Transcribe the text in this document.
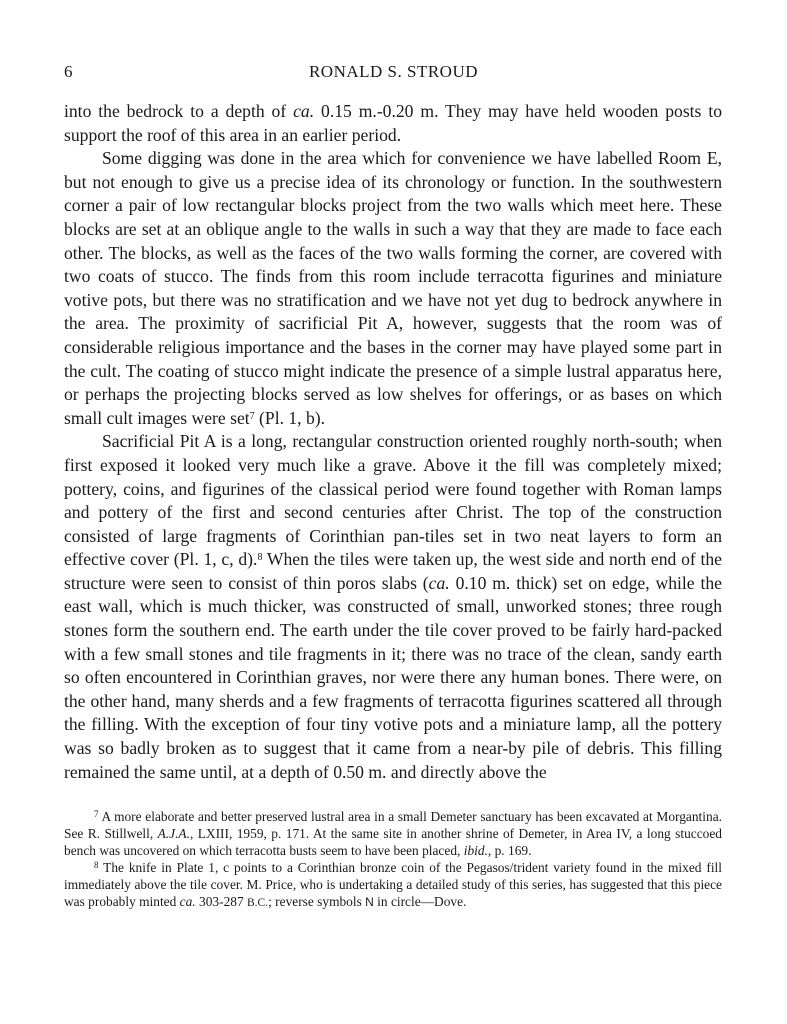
6	RONALD S. STROUD

into the bedrock to a depth of ca. 0.15 m.-0.20 m. They may have held wooden posts to support the roof of this area in an earlier period.

Some digging was done in the area which for convenience we have labelled Room E, but not enough to give us a precise idea of its chronology or function. In the southwestern corner a pair of low rectangular blocks project from the two walls which meet here. These blocks are set at an oblique angle to the walls in such a way that they are made to face each other. The blocks, as well as the faces of the two walls forming the corner, are covered with two coats of stucco. The finds from this room include terracotta figurines and miniature votive pots, but there was no stratification and we have not yet dug to bedrock anywhere in the area. The proximity of sacrificial Pit A, however, suggests that the room was of considerable religious importance and the bases in the corner may have played some part in the cult. The coating of stucco might indicate the presence of a simple lustral apparatus here, or perhaps the projecting blocks served as low shelves for offerings, or as bases on which small cult images were set$^7$ (Pl. 1, b).

Sacrificial Pit A is a long, rectangular construction oriented roughly north-south; when first exposed it looked very much like a grave. Above it the fill was completely mixed; pottery, coins, and figurines of the classical period were found together with Roman lamps and pottery of the first and second centuries after Christ. The top of the construction consisted of large fragments of Corinthian pan-tiles set in two neat layers to form an effective cover (Pl. 1, c, d).$^8$ When the tiles were taken up, the west side and north end of the structure were seen to consist of thin poros slabs (ca. 0.10 m. thick) set on edge, while the east wall, which is much thicker, was constructed of small, unworked stones; three rough stones form the southern end. The earth under the tile cover proved to be fairly hard-packed with a few small stones and tile fragments in it; there was no trace of the clean, sandy earth so often encountered in Corinthian graves, nor were there any human bones. There were, on the other hand, many sherds and a few fragments of terracotta figurines scattered all through the filling. With the exception of four tiny votive pots and a miniature lamp, all the pottery was so badly broken as to suggest that it came from a near-by pile of debris. This filling remained the same until, at a depth of 0.50 m. and directly above the

$^7$ A more elaborate and better preserved lustral area in a small Demeter sanctuary has been excavated at Morgantina. See R. Stillwell, A.J.A., LXIII, 1959, p. 171. At the same site in another shrine of Demeter, in Area IV, a long stuccoed bench was uncovered on which terracotta busts seem to have been placed, ibid., p. 169.

$^8$ The knife in Plate 1, c points to a Corinthian bronze coin of the Pegasos/trident variety found in the mixed fill immediately above the tile cover. M. Price, who is undertaking a detailed study of this series, has suggested that this piece was probably minted ca. 303-287 B.C.; reverse symbols N in circle—Dove.
